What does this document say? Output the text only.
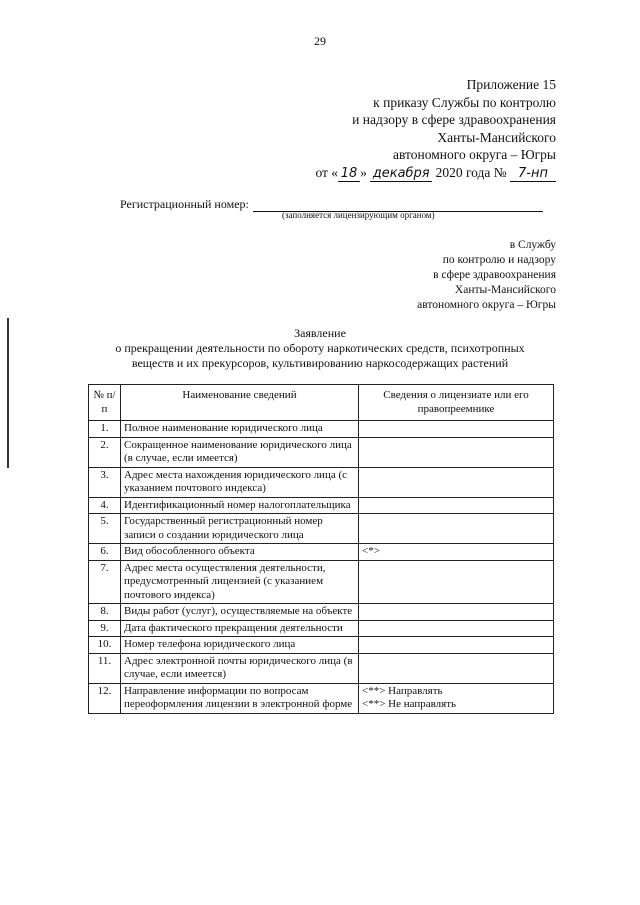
29
Приложение 15
к приказу Службы по контролю
и надзору в сфере здравоохранения
Ханты-Мансийского
автономного округа – Югры
от « 18 » декабря 2020 года № 7-нп
Регистрационный номер:
(заполняется лицензирующим органом)
в Службу
по контролю и надзору
в сфере здравоохранения
Ханты-Мансийского
автономного округа – Югры
Заявление
о прекращении деятельности по обороту наркотических средств, психотропных
веществ и их прекурсоров, культивированию наркосодержащих растений
№ п/п	Наименование сведений	Сведения о лицензиате или его правопреемнике
1.	Полное наименование юридического лица	
2.	Сокращенное наименование юридического лица (в случае, если имеется)	
3.	Адрес места нахождения юридического лица (с указанием почтового индекса)	
4.	Идентификационный номер налогоплательщика	
5.	Государственный регистрационный номер записи о создании юридического лица	
6.	Вид обособленного объекта	<*>

7.	Адрес места осуществления деятельности, предусмотренный лицензией (с указанием почтового индекса)	
8.	Виды работ (услуг), осуществляемые на объекте	
9.	Дата фактического прекращения деятельности	
10.	Номер телефона юридического лица	
11.	Адрес электронной почты юридического лица (в случае, если имеется)	
12.	Направление информации по вопросам переоформления лицензии в электронной форме	<**> Направлять
<**> Не направлять
